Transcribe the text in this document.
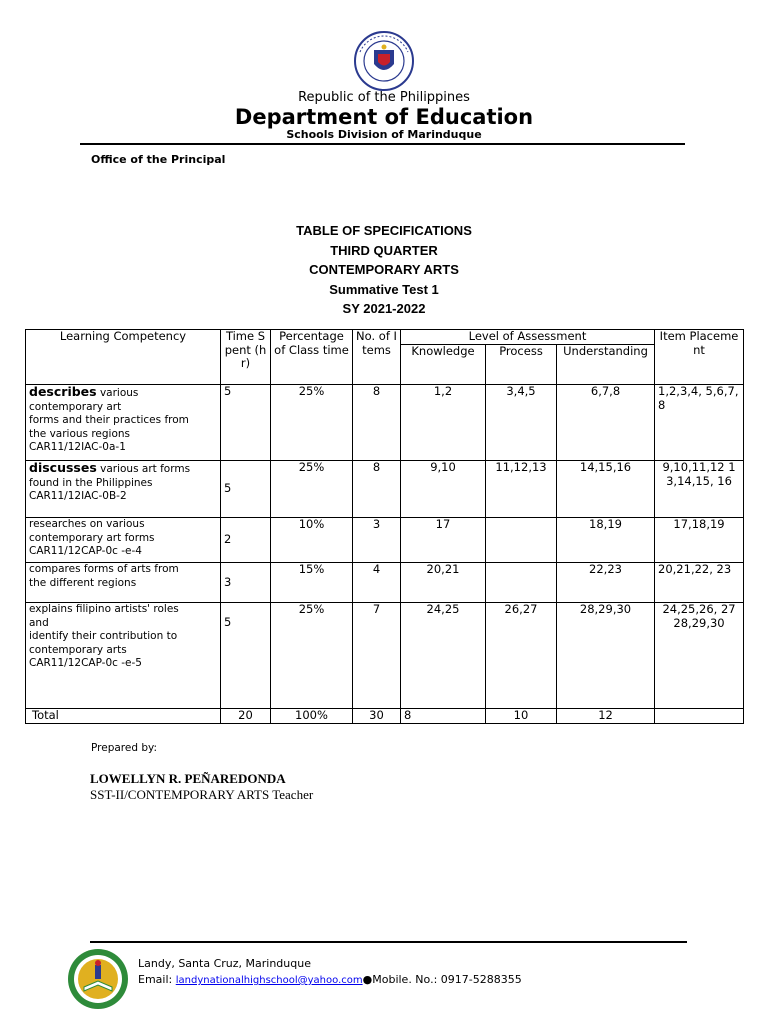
Republic of the Philippines
Department of Education
Schools Division of Marinduque
Office of the Principal
TABLE OF SPECIFICATIONS
THIRD QUARTER
CONTEMPORARY ARTS
Summative Test 1
SY 2021-2022
Learning Competency	Time Spent (hr)	Percentage of Class time	No. of Items	Level of Assessment			Item Placement
				Knowledge	Process	Understanding	

describes various
contemporary art
forms and their practices from
the various regions
CAR11/12IAC-0a-1	5	25%	8	1,2	3,4,5	6,7,8	1,2,3,4, 5,6,7,8

discusses various art forms
found in the Philippines
CAR11/12IAC-0B-2	5	25%	8	9,10	11,12,13	14,15,16	9,10,11,12 13,14,15, 16

researches on various
contemporary art forms
CAR11/12CAP-0c -e-4	2	10%	3	17		18,19	17,18,19

compares forms of arts from
the different regions	3	15%	4	20,21		22,23	20,21,22, 23

explains filipino artists' roles
and
identify their contribution to
contemporary arts
CAR11/12CAP-0c -e-5	5	25%	7	24,25	26,27	28,29,30	24,25,26, 27 28,29,30
Total	20	100%	30	8	10	12	
Prepared by:
LOWELLYN R. PEÑAREDONDA
SST-II/CONTEMPORARY ARTS Teacher
Landy, Santa Cruz, Marinduque
Email: landynationalhighschool@yahoo.com●Mobile. No.: 0917-5288355
